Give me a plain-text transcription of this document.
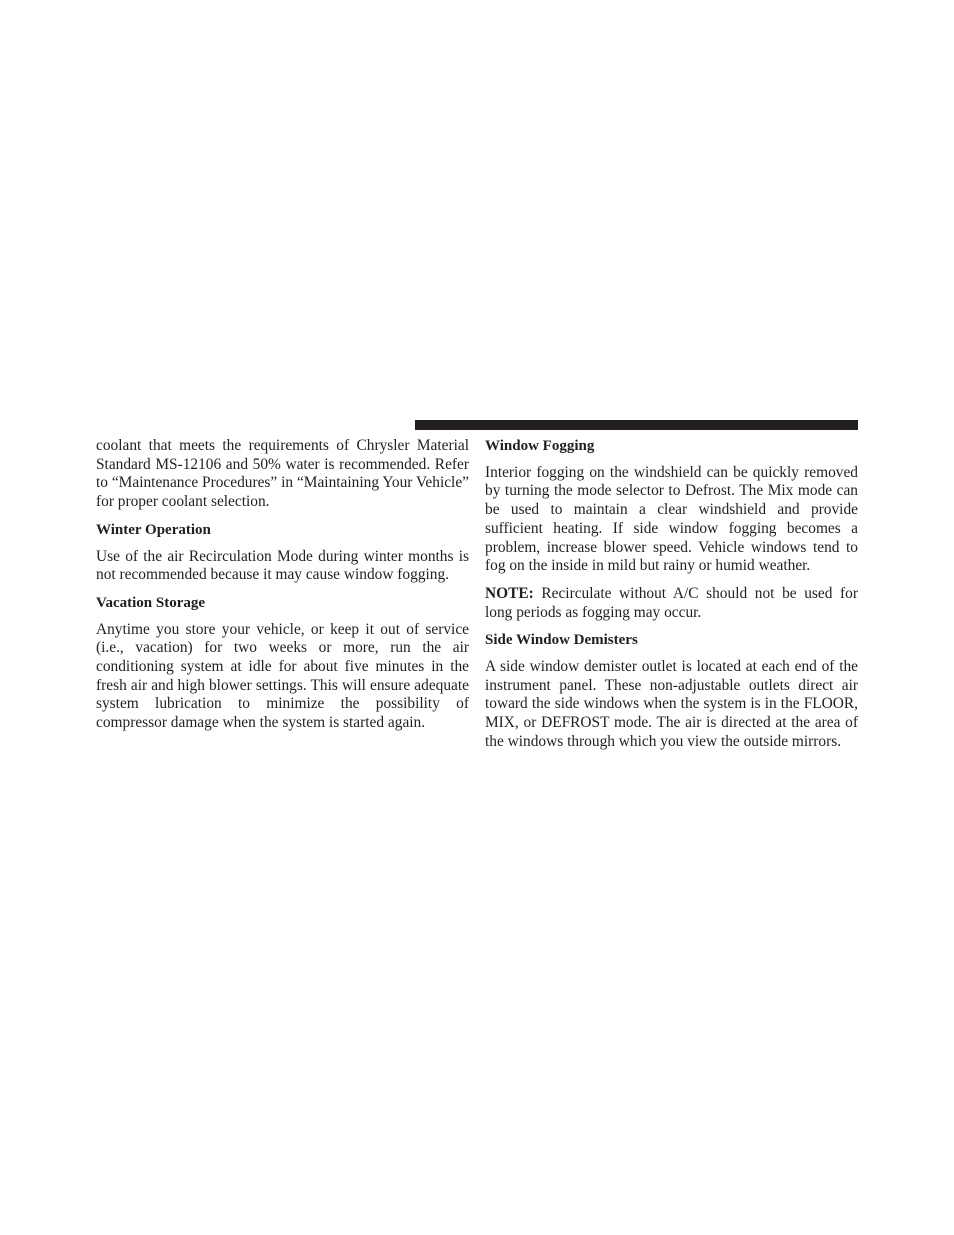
coolant that meets the requirements of Chrysler Material Standard MS-12106 and 50% water is recommended. Refer to “Maintenance Procedures” in “Maintaining Your Vehicle” for proper coolant selection.

Winter Operation

Use of the air Recirculation Mode during winter months is not recommended because it may cause window fogging.

Vacation Storage

Anytime you store your vehicle, or keep it out of service (i.e., vacation) for two weeks or more, run the air conditioning system at idle for about five minutes in the fresh air and high blower settings. This will ensure adequate system lubrication to minimize the possibility of compressor damage when the system is started again.

Window Fogging

Interior fogging on the windshield can be quickly removed by turning the mode selector to Defrost. The Mix mode can be used to maintain a clear windshield and provide sufficient heating. If side window fogging becomes a problem, increase blower speed. Vehicle windows tend to fog on the inside in mild but rainy or humid weather.

NOTE: Recirculate without A/C should not be used for long periods as fogging may occur.

Side Window Demisters

A side window demister outlet is located at each end of the instrument panel. These non-adjustable outlets direct air toward the side windows when the system is in the FLOOR, MIX, or DEFROST mode. The air is directed at the area of the windows through which you view the outside mirrors.
